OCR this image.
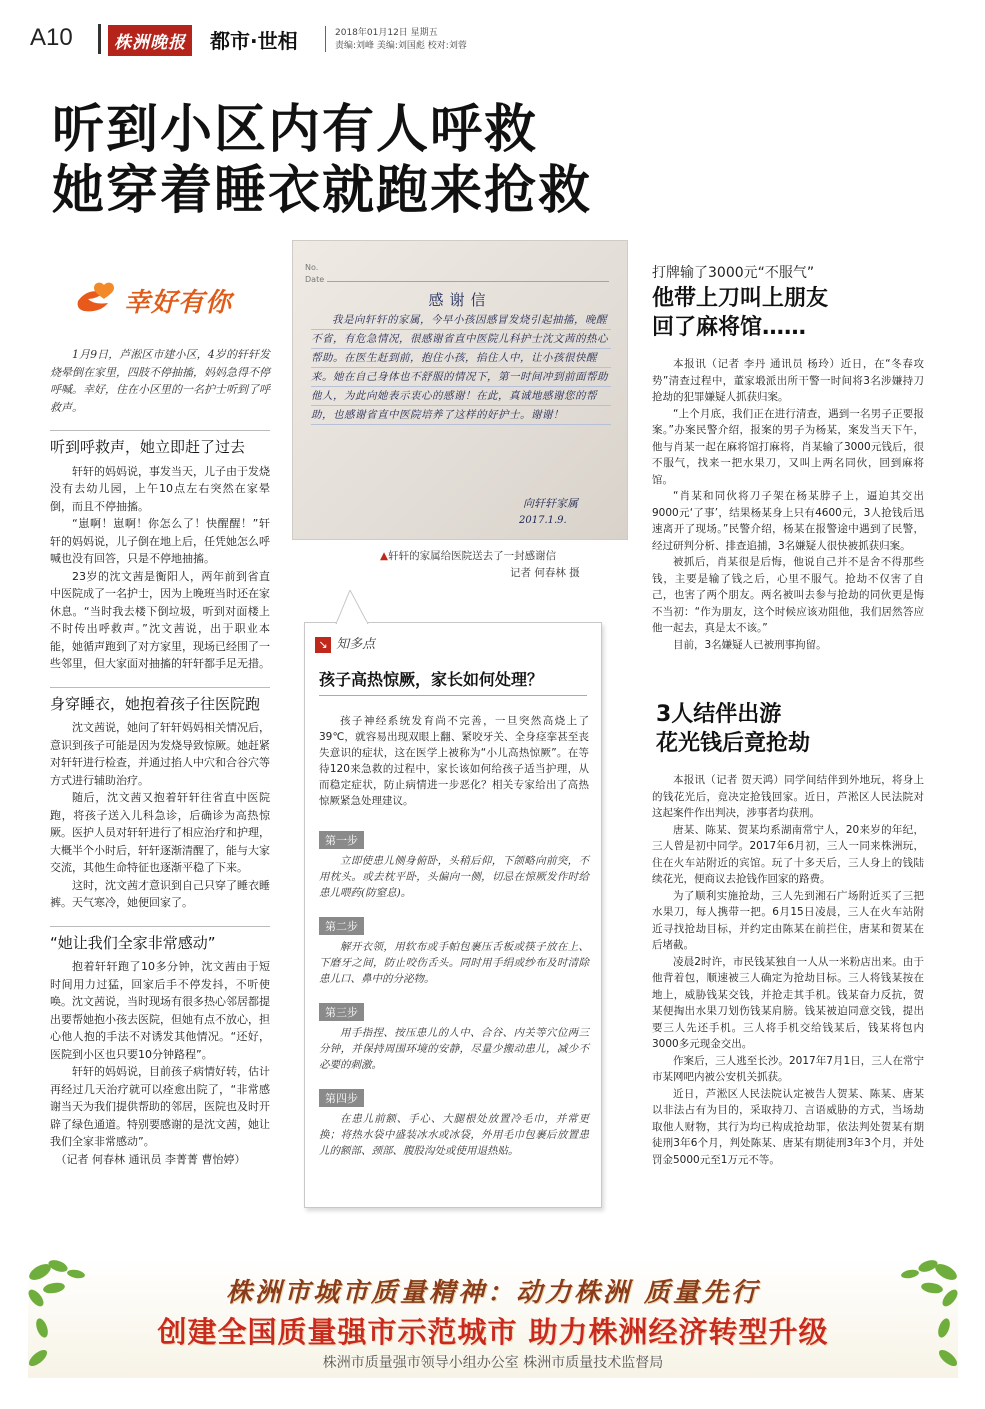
A10	株洲晚报	都市·世相	2018年01月12日 星期五
责编:刘峰 美编:刘国彪 校对:刘蓉
听到小区内有人呼救
她穿着睡衣就跑来抢救
幸好有你

1月9日，芦淞区市建小区，4岁的轩轩发烧晕倒在家里，四肢不停抽搐，妈妈急得不停呼喊。幸好，住在小区里的一名护士听到了呼救声。

听到呼救声，她立即赶了过去

轩轩的妈妈说，事发当天，儿子由于发烧没有去幼儿园，上午10点左右突然在家晕倒，而且不停抽搐。

“崽啊！崽啊！你怎么了！快醒醒！”轩轩的妈妈说，儿子倒在地上后，任凭她怎么呼喊也没有回答，只是不停地抽搐。

23岁的沈文茜是衡阳人，两年前到省直中医院成了一名护士，因为上晚班当时还在家休息。“当时我去楼下倒垃圾，听到对面楼上不时传出呼救声。”沈文茜说，出于职业本能，她循声跑到了对方家里，现场已经围了一些邻里，但大家面对抽搐的轩轩都手足无措。

身穿睡衣，她抱着孩子往医院跑

沈文茜说，她问了轩轩妈妈相关情况后，意识到孩子可能是因为发烧导致惊厥。她赶紧对轩轩进行检查，并通过掐人中穴和合谷穴等方式进行辅助治疗。

随后，沈文茜又抱着轩轩往省直中医院跑，将孩子送入儿科急诊，后确诊为高热惊厥。医护人员对轩轩进行了相应治疗和护理，大概半个小时后，轩轩逐渐清醒了，能与大家交流，其他生命特征也逐渐平稳了下来。

这时，沈文茜才意识到自己只穿了睡衣睡裤。天气寒冷，她便回家了。

“她让我们全家非常感动”

抱着轩轩跑了10多分钟，沈文茜由于短时间用力过猛，回家后手不停发抖，不听使唤。沈文茜说，当时现场有很多热心邻居都提出要帮她抱小孩去医院，但她有点不放心，担心他人抱的手法不对诱发其他情况。“还好，医院到小区也只要10分钟路程”。

轩轩的妈妈说，目前孩子病情好转，估计再经过几天治疗就可以痊愈出院了，“非常感谢当天为我们提供帮助的邻居，医院也及时开辟了绿色通道。特别要感谢的是沈文茜，她让我们全家非常感动”。

（记者 何春林 通讯员 李菁菁 曹怡婷）
No.
Date
感谢信
我是向轩轩的家属，今早小孩因感冒发烧引起抽搐，晚醒不省，有危急情况，很感谢省直中医院儿科护士沈文茜的热心帮助。在医生赶到前，抱住小孩，掐住人中，让小孩很快醒来。她在自己身体也不舒服的情况下，第一时间冲到前面帮助他人，为此向她表示衷心的感谢！在此，真诚地感谢您的帮助，也感谢省直中医院培养了这样的好护士。谢谢！
向轩轩家属
2017.1.9.
▲轩轩的家属给医院送去了一封感谢信
记者 何春林 摄
↘ 知多点
孩子高热惊厥，家长如何处理？

孩子神经系统发育尚不完善，一旦突然高烧上了39℃，就容易出现双眼上翻、紧咬牙关、全身痉挛甚至丧失意识的症状，这在医学上被称为“小儿高热惊厥”。在等待120来急救的过程中，家长该如何给孩子适当护理，从而稳定症状，防止病情进一步恶化？相关专家给出了高热惊厥紧急处理建议。

第一步
立即使患儿侧身俯卧，头稍后仰，下颌略向前突，不用枕头。或去枕平卧，头偏向一侧，切忌在惊厥发作时给患儿喂药(防窒息)。
第二步
解开衣领，用软布或手帕包裹压舌板或筷子放在上、下磨牙之间，防止咬伤舌头。同时用手绢或纱布及时清除患儿口、鼻中的分泌物。
第三步
用手指捏、按压患儿的人中、合谷、内关等穴位两三分钟，并保持周围环境的安静，尽量少搬动患儿，减少不必要的刺激。
第四步
在患儿前额、手心、大腿根处放置冷毛巾，并常更换；将热水袋中盛装冰水或冰袋，外用毛巾包裹后放置患儿的额部、颈部、腹股沟处或使用退热贴。
打牌输了3000元“不服气”
他带上刀叫上朋友
回了麻将馆……

本报讯（记者 李丹 通讯员 杨玲）近日，在“冬春攻势”清查过程中，董家塅派出所干警一时间将3名涉嫌持刀抢劫的犯罪嫌疑人抓获归案。

“上个月底，我们正在进行清查，遇到一名男子正要报案。”办案民警介绍，报案的男子为杨某，案发当天下午，他与肖某一起在麻将馆打麻将，肖某输了3000元钱后，很不服气，找来一把水果刀，又叫上两名同伙，回到麻将馆。

“肖某和同伙将刀子架在杨某脖子上，逼迫其交出9000元‘了事’，结果杨某身上只有4600元，3人抢钱后迅速离开了现场。”民警介绍，杨某在报警途中遇到了民警，经过研判分析、排查追捕，3名嫌疑人很快被抓获归案。

被抓后，肖某很是后悔，他说自己并不是舍不得那些钱，主要是输了钱之后，心里不服气。抢劫不仅害了自己，也害了两个朋友。两名被叫去参与抢劫的同伙更是悔不当初：“作为朋友，这个时候应该劝阻他，我们居然答应他一起去，真是太不该。”

目前，3名嫌疑人已被刑事拘留。

3人结伴出游
花光钱后竟抢劫

本报讯（记者 贺天鸿）同学间结伴到外地玩，将身上的钱花光后，竟决定抢钱回家。近日，芦淞区人民法院对这起案件作出判决，涉事者均获刑。

唐某、陈某、贺某均系湖南常宁人，20来岁的年纪，三人曾是初中同学。2017年6月初，三人一同来株洲玩，住在火车站附近的宾馆。玩了十多天后，三人身上的钱陆续花光，便商议去抢钱作回家的路费。

为了顺利实施抢劫，三人先到湘石广场附近买了三把水果刀，每人携带一把。6月15日凌晨，三人在火车站附近寻找抢劫目标，并约定由陈某在前拦住，唐某和贺某在后堵截。

凌晨2时许，市民钱某独自一人从一米粉店出来。由于他背着包，顺速被三人确定为抢劫目标。三人将钱某按在地上，威胁钱某交钱，并抢走其手机。钱某奋力反抗，贺某便掏出水果刀划伤钱某肩膀。钱某被迫同意交钱，提出要三人先还手机。三人将手机交给钱某后，钱某将包内3000多元现金交出。

作案后，三人逃至长沙。2017年7月1日，三人在常宁市某网吧内被公安机关抓获。

近日，芦淞区人民法院认定被告人贺某、陈某、唐某以非法占有为目的，采取持刀、言语威胁的方式，当场劫取他人财物，其行为均已构成抢劫罪，依法判处贺某有期徒刑3年6个月，判处陈某、唐某有期徒刑3年3个月，并处罚金5000元至1万元不等。

株洲市城市质量精神：动力株洲 质量先行
创建全国质量强市示范城市 助力株洲经济转型升级
株洲市质量强市领导小组办公室 株洲市质量技术监督局
